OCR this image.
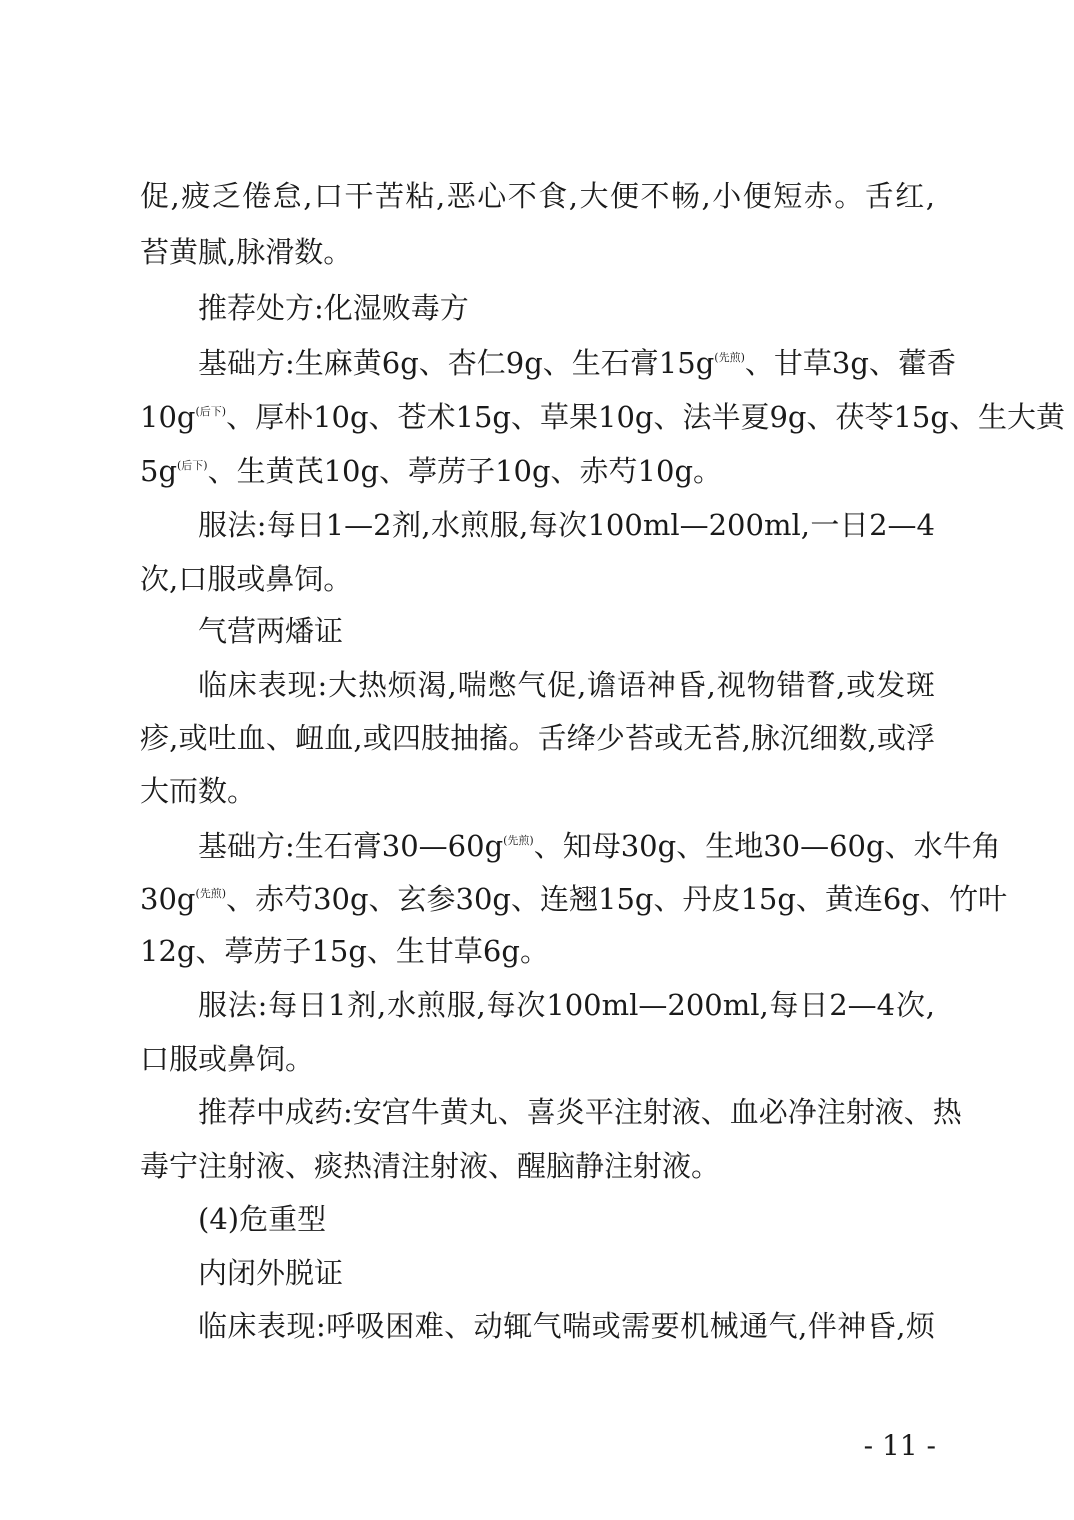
促,疲乏倦怠,口干苦粘,恶心不食,大便不畅,小便短赤。舌红,
苔黄腻,脉滑数。
推荐处方:化湿败毒方
基础方:生麻黄6g、杏仁9g、生石膏$15g^{(先煎)}$、甘草3g、藿香
$10g^{(后下)}$、厚朴10g、苍术15g、草果10g、法半夏9g、茯苓15g、生大黄
$5g^{(后下)}$、生黄芪10g、葶苈子10g、赤芍10g。
服法:每日1—2剂,水煎服,每次100ml—200ml,一日2—4
次,口服或鼻饲。
气营两燔证
临床表现:大热烦渴,喘憋气促,谵语神昏,视物错瞀,或发斑
疹,或吐血、衄血,或四肢抽搐。舌绛少苔或无苔,脉沉细数,或浮
大而数。
基础方:生石膏$30—60g^{(先煎)}$、知母30g、生地30—60g、水牛角
$30g^{(先煎)}$、赤芍30g、玄参30g、连翘15g、丹皮15g、黄连6g、竹叶
12g、葶苈子15g、生甘草6g。
服法:每日1剂,水煎服,每次100ml—200ml,每日2—4次,
口服或鼻饲。
推荐中成药:安宫牛黄丸、喜炎平注射液、血必净注射液、热
毒宁注射液、痰热清注射液、醒脑静注射液。
(4)危重型
内闭外脱证
临床表现:呼吸困难、动辄气喘或需要机械通气,伴神昏,烦
- 11 -
